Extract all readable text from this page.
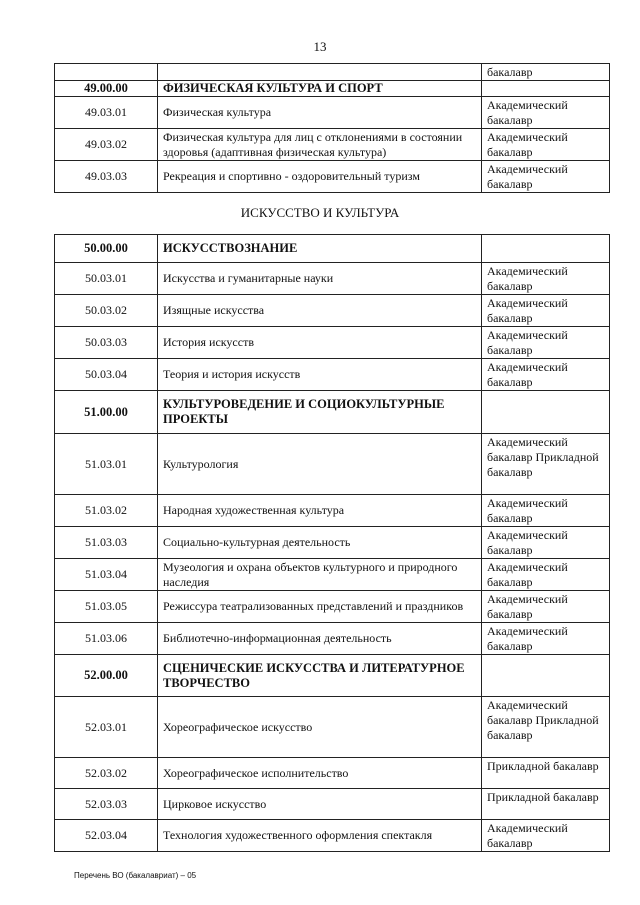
13
		бакалавр
49.00.00	ФИЗИЧЕСКАЯ КУЛЬТУРА И СПОРТ	
49.03.01	Физическая культура	Академический бакалавр
49.03.02	Физическая культура для лиц с отклонениями в состоянии здоровья (адаптивная физическая культура)	Академический бакалавр
49.03.03	Рекреация и спортивно - оздоровительный туризм	Академический бакалавр
ИСКУССТВО И КУЛЬТУРА
50.00.00	ИСКУССТВОЗНАНИЕ	
50.03.01	Искусства и гуманитарные науки	Академический бакалавр
50.03.02	Изящные искусства	Академический бакалавр
50.03.03	История искусств	Академический бакалавр
50.03.04	Теория и история искусств	Академический бакалавр
51.00.00	КУЛЬТУРОВЕДЕНИЕ И СОЦИОКУЛЬТУРНЫЕ ПРОЕКТЫ	
51.03.01	Культурология	Академический бакалавр Прикладной бакалавр
51.03.02	Народная художественная культура	Академический бакалавр
51.03.03	Социально-культурная деятельность	Академический бакалавр
51.03.04	Музеология и охрана объектов культурного и природного наследия	Академический бакалавр
51.03.05	Режиссура театрализованных представлений и праздников	Академический бакалавр
51.03.06	Библиотечно-информационная деятельность	Академический бакалавр
52.00.00	СЦЕНИЧЕСКИЕ ИСКУССТВА И ЛИТЕРАТУРНОЕ ТВОРЧЕСТВО	
52.03.01	Хореографическое искусство	Академический бакалавр Прикладной бакалавр
52.03.02	Хореографическое исполнительство	Прикладной бакалавр
52.03.03	Цирковое искусство	Прикладной бакалавр
52.03.04	Технология художественного оформления спектакля	Академический бакалавр
Перечень ВО (бакалавриат) – 05
